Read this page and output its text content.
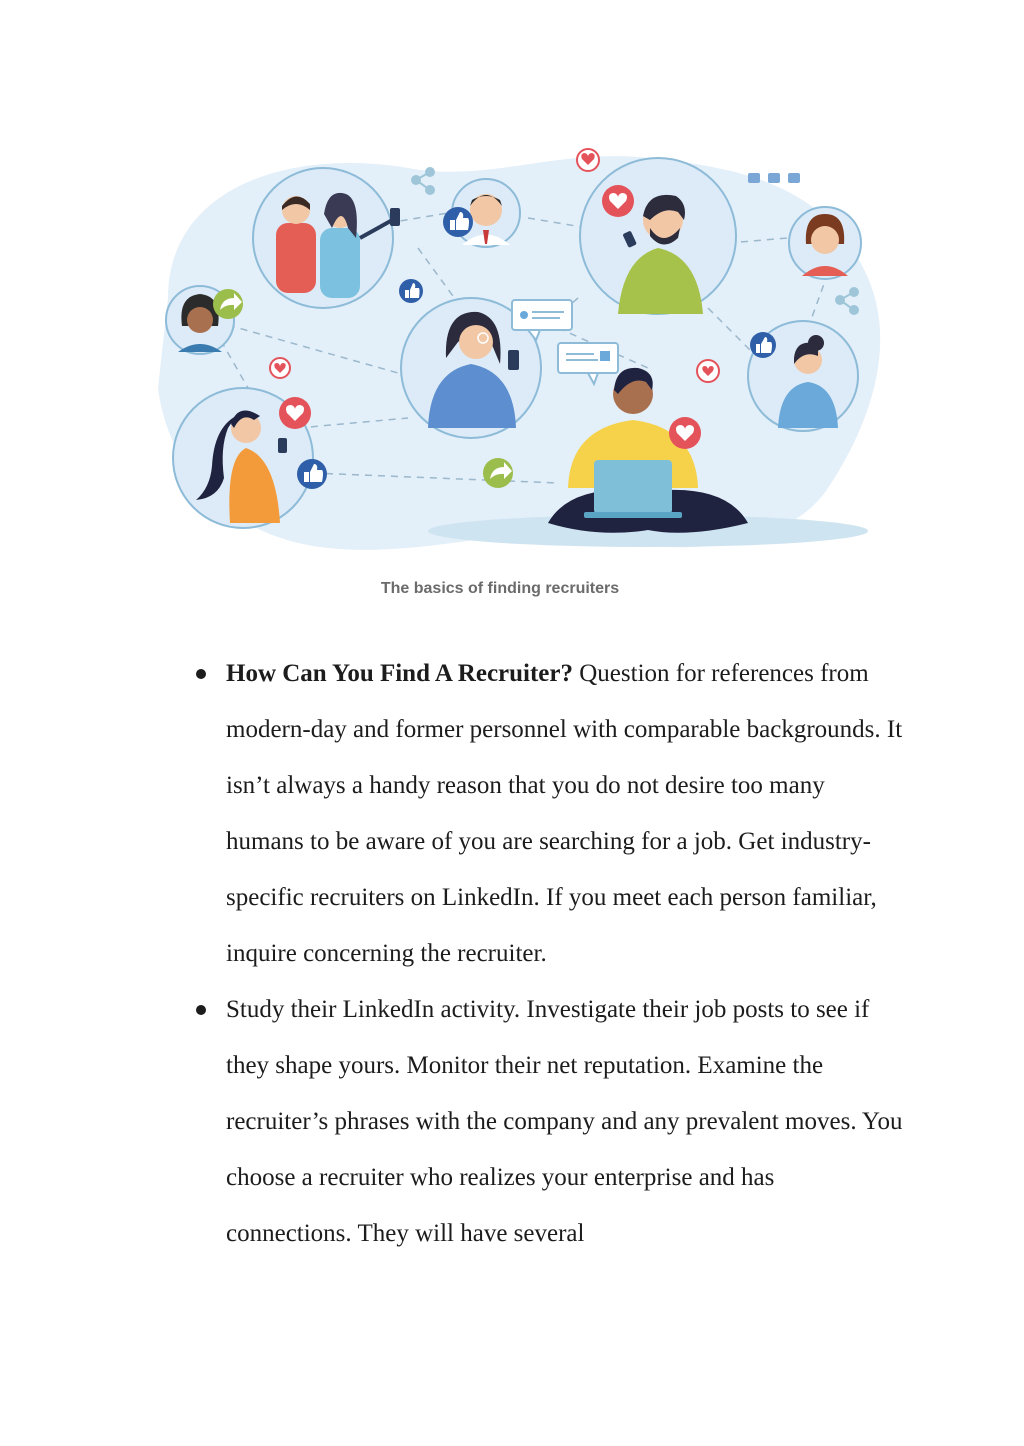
The basics of finding recruiters
How Can You Find A Recruiter? Question for references from modern-day and former personnel with comparable backgrounds. It isn’t always a handy reason that you do not desire too many humans to be aware of you are searching for a job. Get industry-specific recruiters on LinkedIn. If you meet each person familiar, inquire concerning the recruiter.
Study their LinkedIn activity. Investigate their job posts to see if they shape yours. Monitor their net reputation. Examine the recruiter’s phrases with the company and any prevalent moves. You choose a recruiter who realizes your enterprise and has connections. They will have several
